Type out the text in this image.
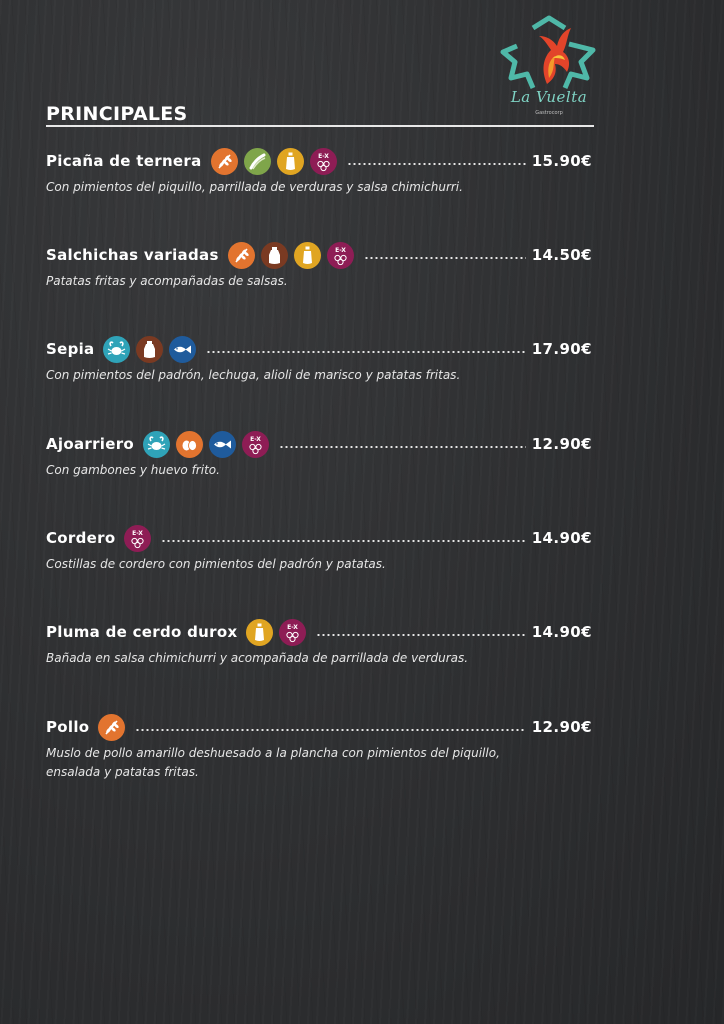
La Vuelta
Gastrocorp
PRINCIPALES
Picaña de ternera	E-X	15.90€
Con pimientos del piquillo, parrillada de verduras y salsa chimichurri.
Salchichas variadas	E-X	14.50€
Patatas fritas y acompañadas de salsas.
Sepia	17.90€
Con pimientos del padrón, lechuga, alioli de marisco y patatas fritas.
Ajoarriero	E-X	12.90€
Con gambones y huevo frito.
Cordero	E-X	14.90€
Costillas de cordero con pimientos del padrón y patatas.
Pluma de cerdo durox	E-X	14.90€
Bañada en salsa chimichurri y acompañada de parrillada de verduras.
Pollo	12.90€
Muslo de pollo amarillo deshuesado a la plancha con pimientos del piquillo, ensalada y patatas fritas.
